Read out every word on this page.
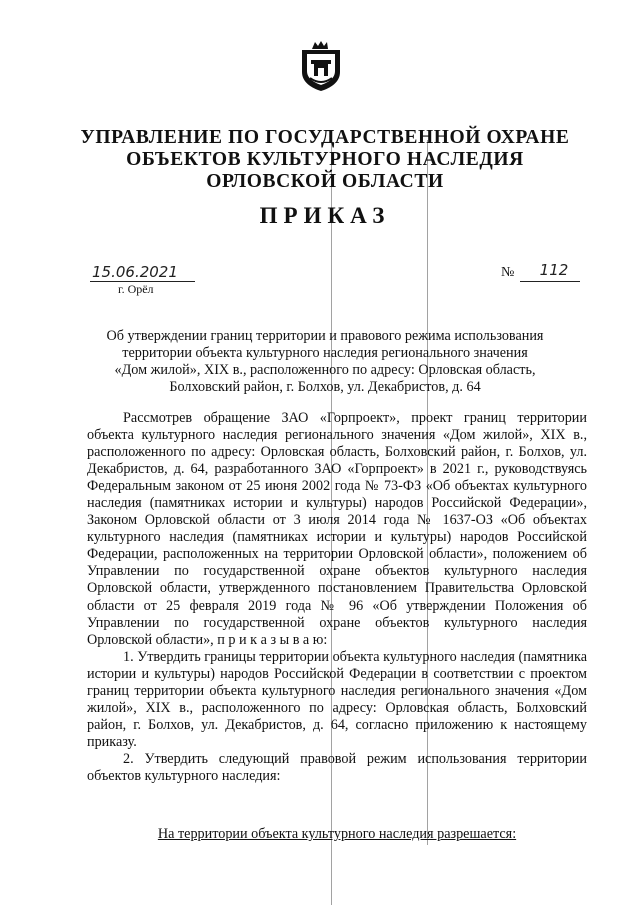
УПРАВЛЕНИЕ ПО ГОСУДАРСТВЕННОЙ ОХРАНЕ
ОБЪЕКТОВ КУЛЬТУРНОГО НАСЛЕДИЯ
ОРЛОВСКОЙ ОБЛАСТИ
ПРИКАЗ
15.06.2021
г. Орёл
№	112
Об утверждении границ территории и правового режима использования
территории объекта культурного наследия регионального значения
«Дом жилой», XIX в., расположенного по адресу: Орловская область,
Болховский район, г. Болхов, ул. Декабристов, д. 64

Рассмотрев обращение ЗАО «Горпроект», проект границ территории объекта культурного наследия регионального значения «Дом жилой», XIX в., расположенного по адресу: Орловская область, Болховский район, г. Болхов, ул. Декабристов, д. 64, разработанного ЗАО «Горпроект» в 2021 г., руководствуясь Федеральным законом от 25 июня 2002 года № 73-ФЗ «Об объектах культурного наследия (памятниках истории и культуры) народов Российской Федерации», Законом Орловской области от 3 июля 2014 года № 1637-ОЗ «Об объектах культурного наследия (памятниках истории и культуры) народов Российской Федерации, расположенных на территории Орловской области», положением об Управлении по государственной охране объектов культурного наследия Орловской области, утвержденного постановлением Правительства Орловской области от 25 февраля 2019 года № 96 «Об утверждении Положения об Управлении по государственной охране объектов культурного наследия Орловской области», п р и к а з ы в а ю:

1. Утвердить границы территории объекта культурного наследия (памятника истории и культуры) народов Российской Федерации в соответствии с проектом границ территории объекта культурного наследия регионального значения «Дом жилой», XIX в., расположенного по адресу: Орловская область, Болховский район, г. Болхов, ул. Декабристов, д. 64, согласно приложению к настоящему приказу.

2. Утвердить следующий правовой режим использования территории объектов культурного наследия:

На территории объекта культурного наследия разрешается:
